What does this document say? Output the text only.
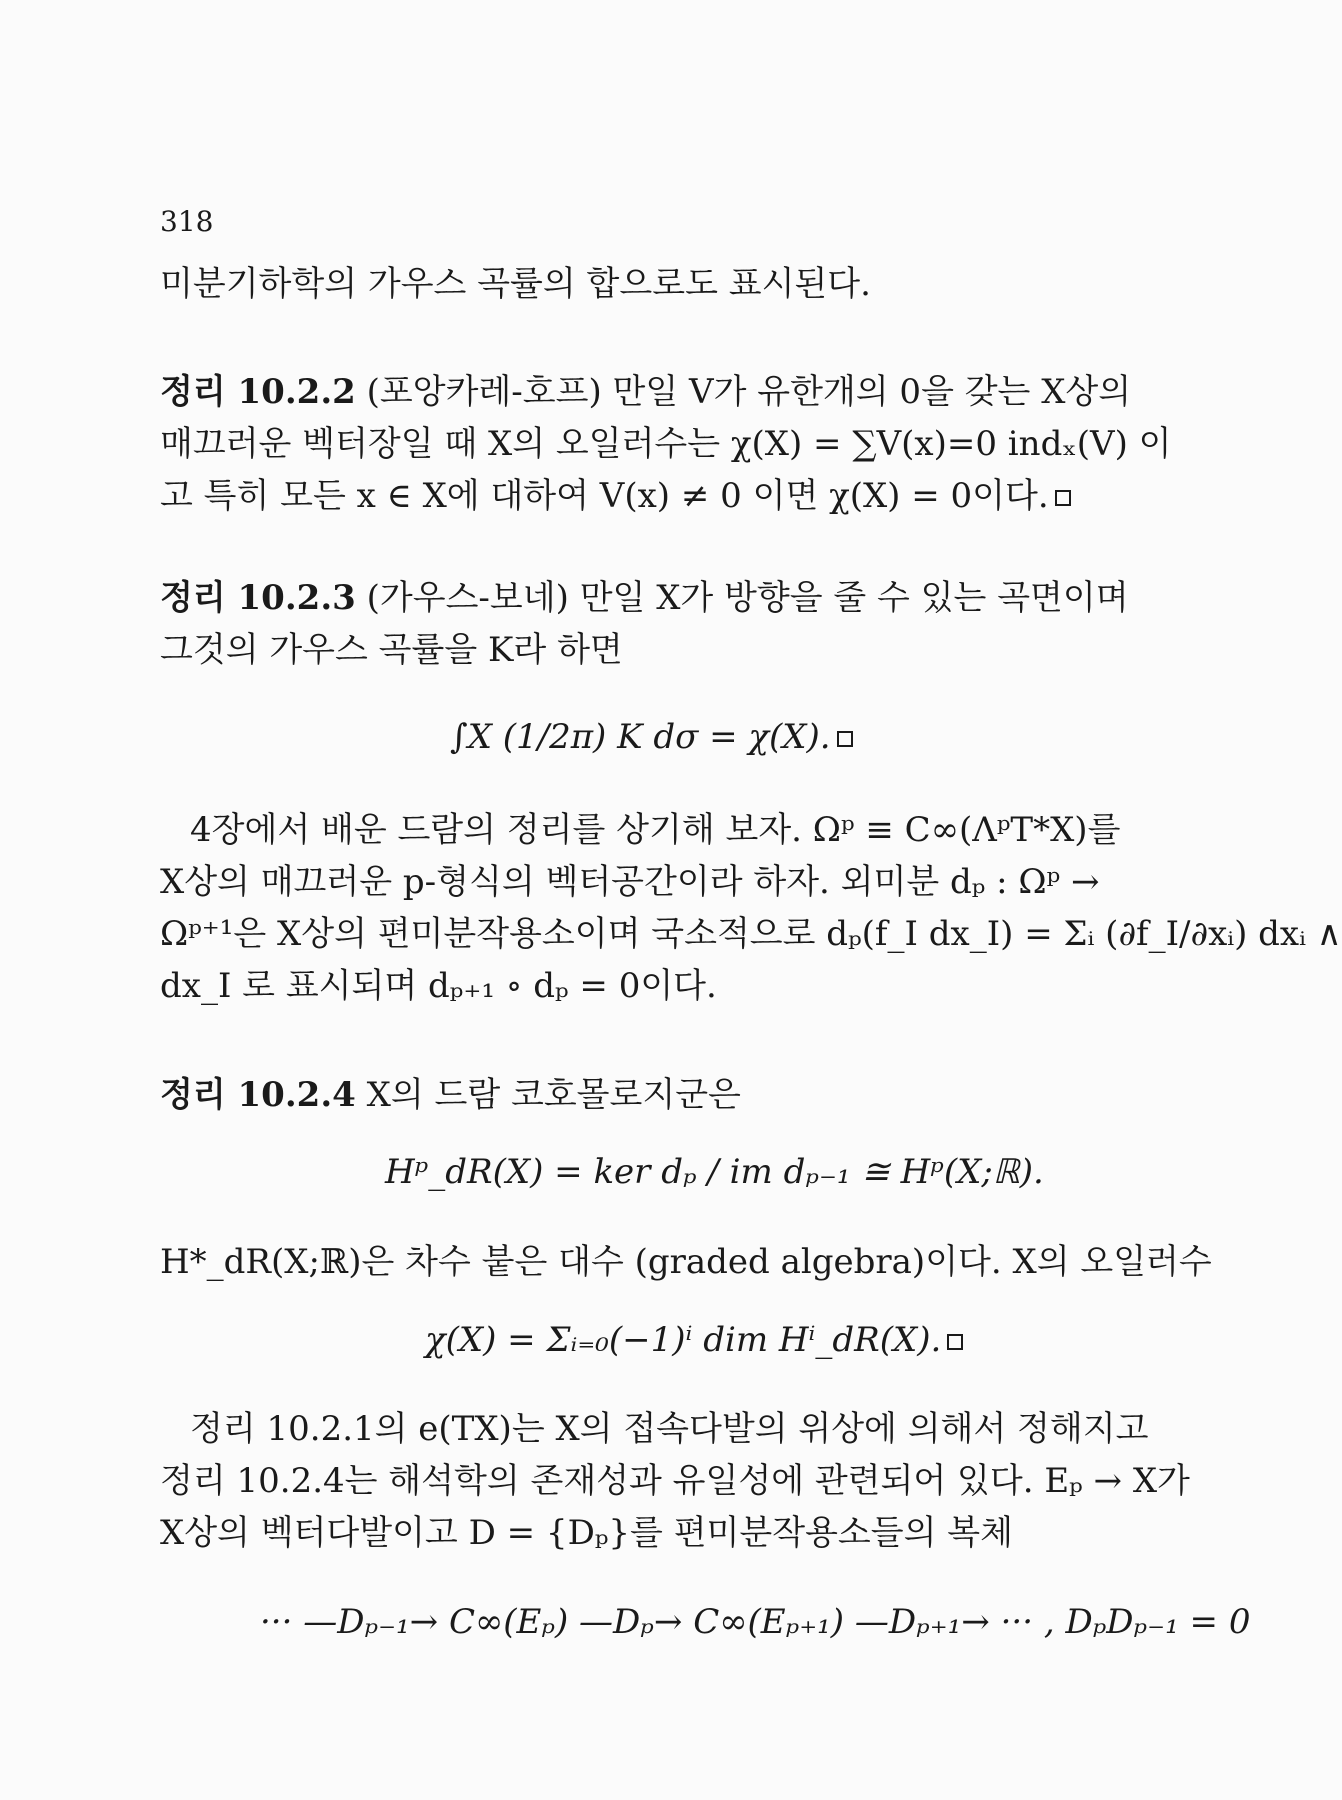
318
미분기하학의 가우스 곡률의 합으로도 표시된다.
정리 10.2.2 (포앙카레-호프) 만일 V가 유한개의 0을 갖는 X상의
매끄러운 벡터장일 때 X의 오일러수는 χ(X) = ∑V(x)=0 indₓ(V) 이
고 특히 모든 x ∈ X에 대하여 V(x) ≠ 0 이면 χ(X) = 0이다.
정리 10.2.3 (가우스-보네) 만일 X가 방향을 줄 수 있는 곡면이며
그것의 가우스 곡률을 K라 하면
∫X (1/2π) K dσ = χ(X).
4장에서 배운 드람의 정리를 상기해 보자. Ωᵖ ≡ C∞(ΛᵖT*X)를
X상의 매끄러운 p-형식의 벡터공간이라 하자. 외미분 dₚ : Ωᵖ →
Ωᵖ⁺¹은 X상의 편미분작용소이며 국소적으로 dₚ(f_I dx_I) = Σᵢ (∂f_I/∂xᵢ) dxᵢ ∧
dx_I 로 표시되며 dₚ₊₁ ∘ dₚ = 0이다.
정리 10.2.4 X의 드람 코호몰로지군은
Hᵖ_dR(X) = ker dₚ / im dₚ₋₁ ≅ Hᵖ(X;ℝ).
H*_dR(X;ℝ)은 차수 붙은 대수 (graded algebra)이다. X의 오일러수
χ(X) = Σᵢ₌₀(−1)ⁱ dim Hⁱ_dR(X).
정리 10.2.1의 e(TX)는 X의 접속다발의 위상에 의해서 정해지고
정리 10.2.4는 해석학의 존재성과 유일성에 관련되어 있다. Eₚ → X가
X상의 벡터다발이고 D = {Dₚ}를 편미분작용소들의 복체
··· —Dₚ₋₁→ C∞(Eₚ) —Dₚ→ C∞(Eₚ₊₁) —Dₚ₊₁→ ··· , DₚDₚ₋₁ = 0
